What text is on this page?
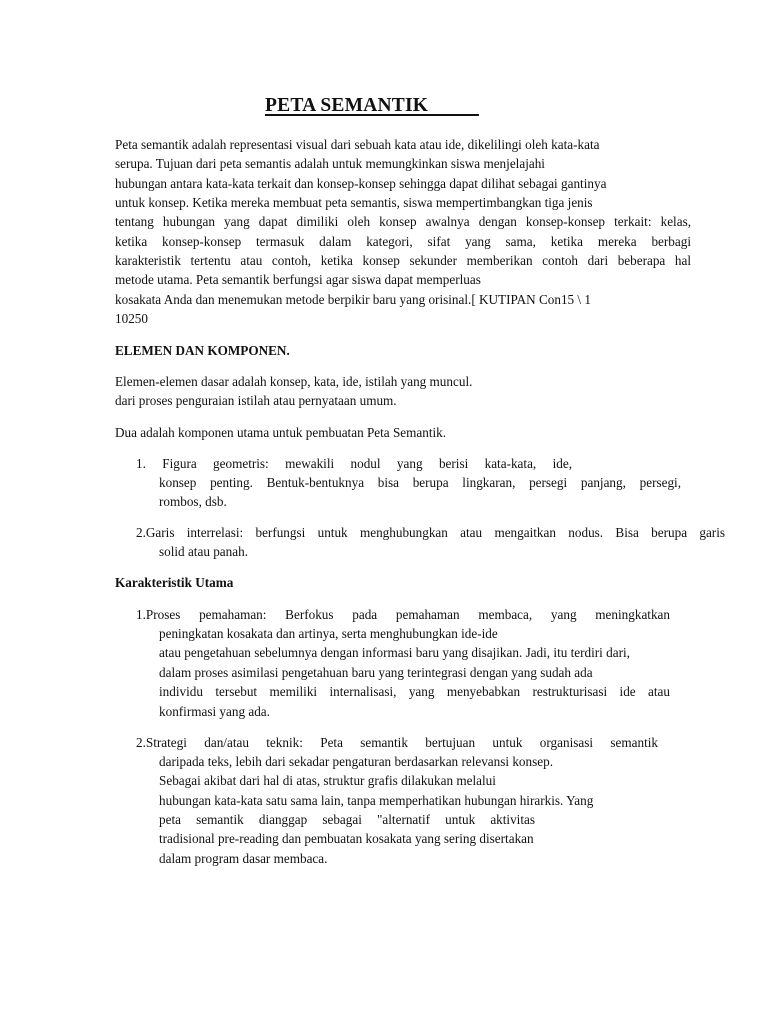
PETA SEMANTIK
Peta semantik adalah representasi visual dari sebuah kata atau ide, dikelilingi oleh kata-kata
serupa. Tujuan dari peta semantis adalah untuk memungkinkan siswa menjelajahi
hubungan antara kata-kata terkait dan konsep-konsep sehingga dapat dilihat sebagai gantinya
untuk konsep. Ketika mereka membuat peta semantis, siswa mempertimbangkan tiga jenis
tentang hubungan yang dapat dimiliki oleh konsep awalnya dengan konsep-konsep terkait: kelas,
ketika konsep-konsep termasuk dalam kategori, sifat yang sama, ketika mereka berbagi
karakteristik tertentu atau contoh, ketika konsep sekunder memberikan contoh dari beberapa hal
metode utama. Peta semantik berfungsi agar siswa dapat memperluas
kosakata Anda dan menemukan metode berpikir baru yang orisinal.[ KUTIPAN Con15 \ 1
10250
ELEMEN DAN KOMPONEN.
Elemen-elemen dasar adalah konsep, kata, ide, istilah yang muncul.
dari proses penguraian istilah atau pernyataan umum.
Dua adalah komponen utama untuk pembuatan Peta Semantik.
1. Figura geometris: mewakili nodul yang berisi kata-kata, ide,
konsep penting. Bentuk-bentuknya bisa berupa lingkaran, persegi panjang, persegi,
rombos, dsb.
2.Garis interrelasi: berfungsi untuk menghubungkan atau mengaitkan nodus. Bisa berupa garis
solid atau panah.
Karakteristik Utama
1.Proses pemahaman: Berfokus pada pemahaman membaca, yang meningkatkan
peningkatan kosakata dan artinya, serta menghubungkan ide-ide
atau pengetahuan sebelumnya dengan informasi baru yang disajikan. Jadi, itu terdiri dari,
dalam proses asimilasi pengetahuan baru yang terintegrasi dengan yang sudah ada
individu tersebut memiliki internalisasi, yang menyebabkan restrukturisasi ide atau
konfirmasi yang ada.
2.Strategi dan/atau teknik: Peta semantik bertujuan untuk organisasi semantik
daripada teks, lebih dari sekadar pengaturan berdasarkan relevansi konsep.
Sebagai akibat dari hal di atas, struktur grafis dilakukan melalui
hubungan kata-kata satu sama lain, tanpa memperhatikan hubungan hirarkis. Yang
peta semantik dianggap sebagai "alternatif untuk aktivitas
tradisional pre-reading dan pembuatan kosakata yang sering disertakan
dalam program dasar membaca.
